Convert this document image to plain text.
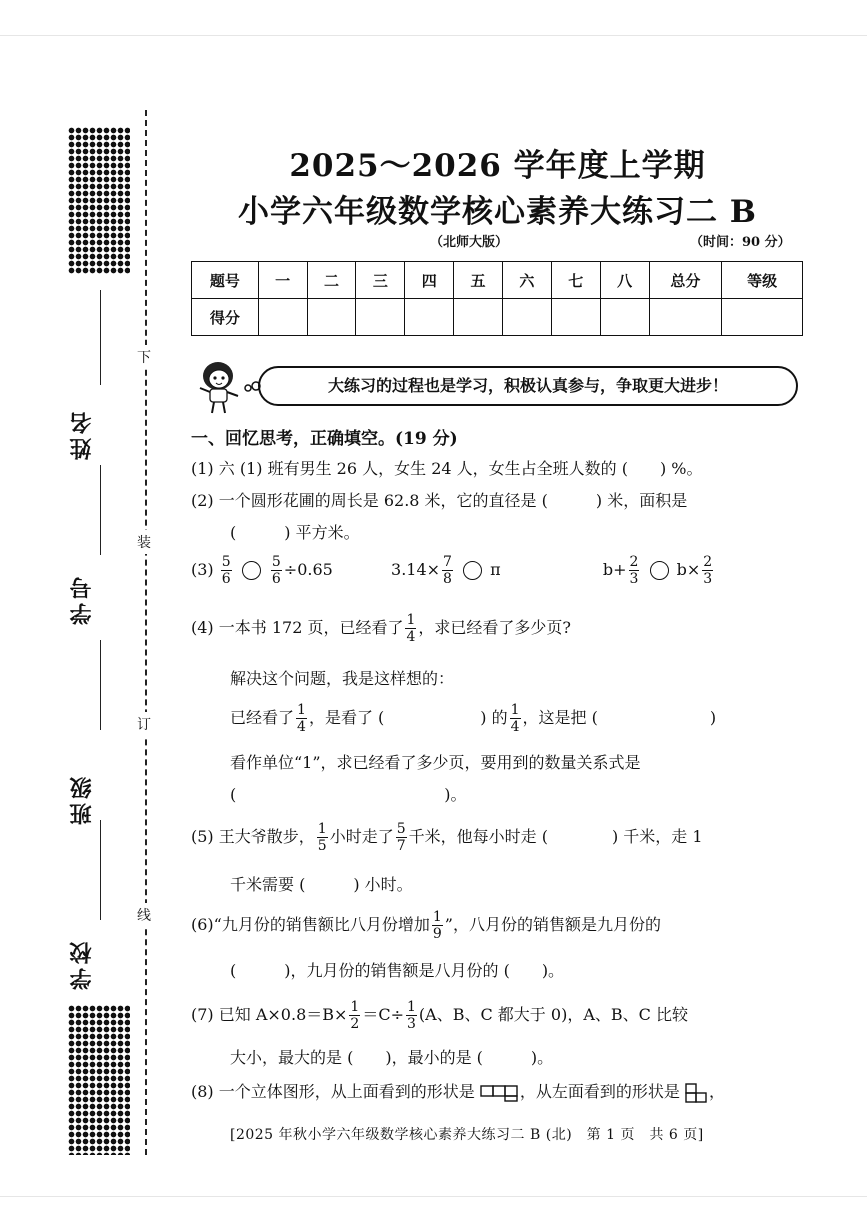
下
装
订
线
姓名
学号
班级
学校
2025～2026 学年度上学期
小学六年级数学核心素养大练习二 B
（北师大版）	（时间：90 分）
题号	一	二	三	四	五	六	七	八	总分	等级
得分										
大练习的过程也是学习，积极认真参与，争取更大进步！
一、回忆思考，正确填空。(19 分)
(1) 六 (1) 班有男生 26 人，女生 24 人，女生占全班人数的 (　　) %。
(2) 一个圆形花圃的周长是 62.8 米，它的直径是 (　　　) 米，面积是
(　　　) 平方米。
$(3) \frac{5}{6}$
	$\frac{5}{6} \div 0.65$	$3.14\times \frac{7}{8}$ π	$b+ \frac{2}{3} b\times \frac{2}{3}$
(4) 一本书 172 页，已经看了 $\frac{1}{4}$ ，求已经看了多少页?
解决这个问题，我是这样想的：
已经看了 $\frac{1}{4}$ ，是看了 (　　　　　　) 的 $\frac{1}{4}$ ，这是把 (　　　　　　　)
看作单位“1”，求已经看了多少页，要用到的数量关系式是
(　　　　　　　　　　　　　)。
(5) 王大爷散步， $\frac{1}{5}$ 小时走了 $\frac{5}{7}$ 千米，他每小时走 (　　　　) 千米，走 1
千米需要 (　　　) 小时。
(6)“九月份的销售额比八月份增加 $\frac{1}{9}$ ”，八月份的销售额是九月份的
(　　　)，九月份的销售额是八月份的 (　　)。
(7) 已知 $A\times 0.8=B\times \frac{1}{2} =C\div \frac{1}{3} (A$、B、C 都大于 0)，A、B、C 比较
大小，最大的是 (　　)，最小的是 (　　　)。
(8) 一个立体图形，从上面看到的形状是	，从左面看到的形状是 ，
[2025 年秋小学六年级数学核心素养大练习二 B (北)　第 1 页　共 6 页]
